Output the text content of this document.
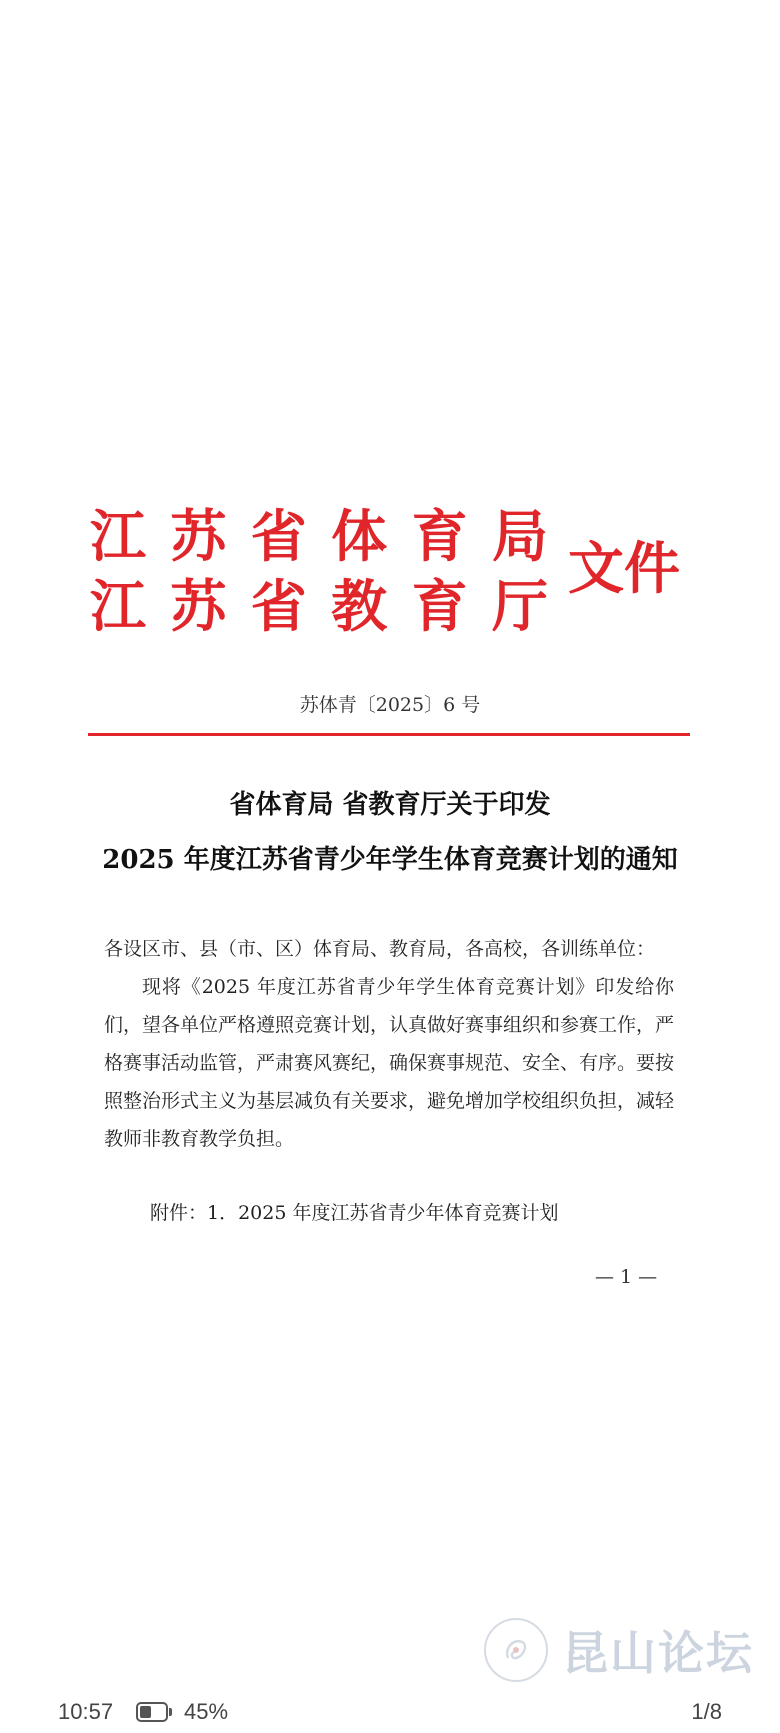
江 苏 省 体 育 局
江 苏 省 教 育 厅
文件
苏体青〔2025〕6 号
省体育局 省教育厅关于印发
2025 年度江苏省青少年学生体育竞赛计划的通知

各设区市、县（市、区）体育局、教育局，各高校，各训练单位：

现将《2025 年度江苏省青少年学生体育竞赛计划》印发给你们，望各单位严格遵照竞赛计划，认真做好赛事组织和参赛工作，严格赛事活动监管，严肃赛风赛纪，确保赛事规范、安全、有序。要按照整治形式主义为基层减负有关要求，避免增加学校组织负担，减轻教师非教育教学负担。

附件：1．2025 年度江苏省青少年体育竞赛计划
— 1 —
昆山论坛
10:57	45%	1/8
